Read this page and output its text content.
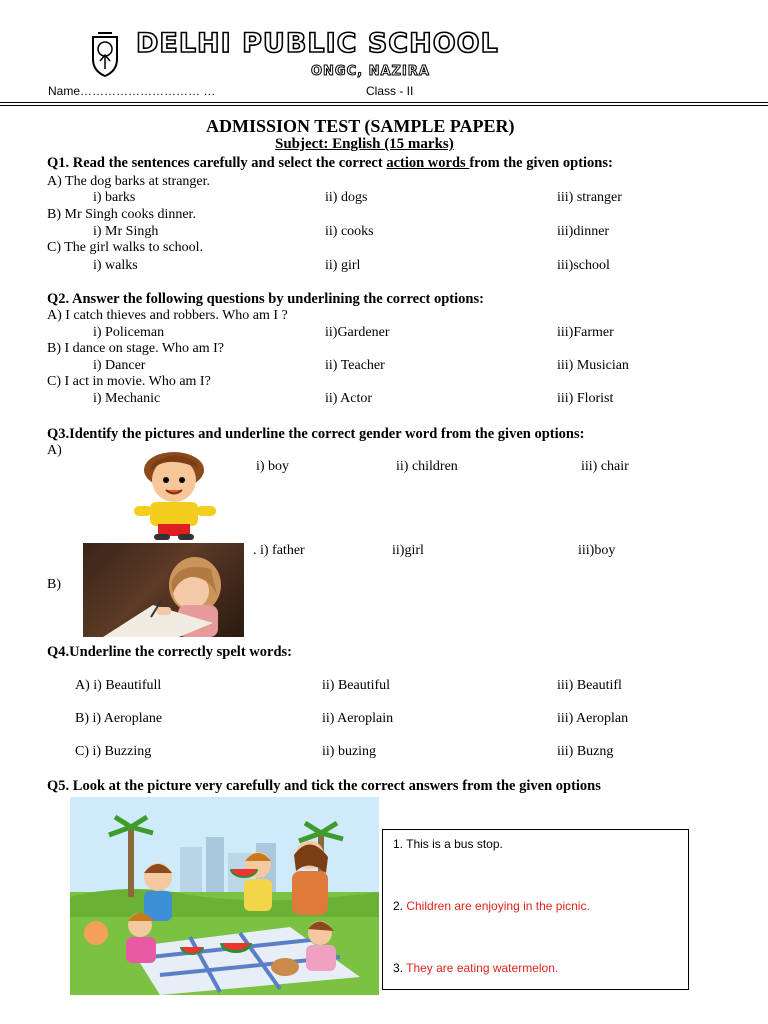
DELHI PUBLIC SCHOOL
ONGC, NAZIRA
Name………………………… …	Class - II
ADMISSION TEST (SAMPLE PAPER)
Subject: English (15 marks)
Q1. Read the sentences carefully and select the correct action words from the given options:
A) The dog barks at stranger.
i) barks	ii) dogs	iii) stranger
B) Mr Singh cooks dinner.
i) Mr Singh	ii) cooks	iii)dinner
C) The girl walks to school.
i) walks	ii) girl	iii)school
Q2. Answer the following questions by underlining the correct options:
A) I catch thieves and robbers. Who am I ?
i) Policeman	ii)Gardener	iii)Farmer
B) I dance on stage. Who am I?
i) Dancer	ii) Teacher	iii) Musician
C) I act in movie. Who am I?
i) Mechanic	ii) Actor	iii) Florist
Q3.Identify the pictures and underline the correct gender word from the given options:
A)
i) boy	ii) children	iii) chair
. i) father	ii)girl	iii)boy
B)
Q4.Underline the correctly spelt words:
A) i) Beautifull	ii) Beautiful	iii) Beautifl
B) i) Aeroplane	ii) Aeroplain	iii) Aeroplan
C) i) Buzzing	ii) buzing	iii) Buzng
Q5. Look at the picture very carefully and tick the correct answers from the given options
1. This is a bus stop.
2. Children are enjoying in the picnic.
3. They are eating watermelon.
